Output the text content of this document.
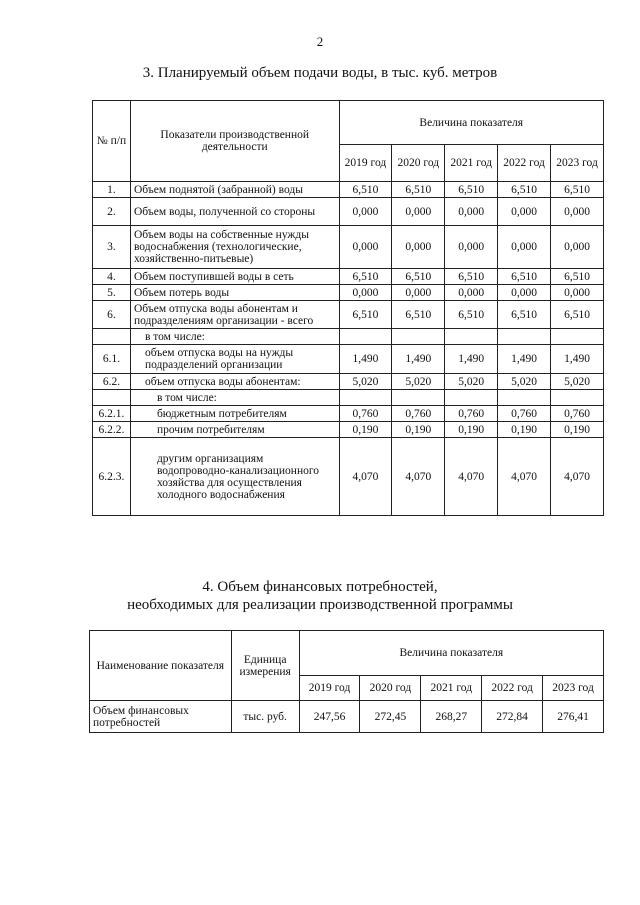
2
3. Планируемый объем подачи воды, в тыс. куб. метров
№ п/п	Показатели производственной деятельности	Величина показателя				
		2019 год	2020 год	2021 год	2022 год	2023 год
1.	Объем поднятой (забранной) воды	6,510	6,510	6,510	6,510	6,510
2.	Объем воды, полученной со стороны	0,000	0,000	0,000	0,000	0,000
3.	Объем воды на собственные нужды водоснабжения (технологические, хозяйственно-питьевые)	0,000	0,000	0,000	0,000	0,000
4.	Объем поступившей воды в сеть	6,510	6,510	6,510	6,510	6,510
5.	Объем потерь воды	0,000	0,000	0,000	0,000	0,000
6.	Объем отпуска воды абонентам и подразделениям организации - всего	6,510	6,510	6,510	6,510	6,510
	в том числе:					
6.1.	объем отпуска воды на нужды подразделений организации	1,490	1,490	1,490	1,490	1,490
6.2.	объем отпуска воды абонентам:	5,020	5,020	5,020	5,020	5,020
	в том числе:					
6.2.1.	бюджетным потребителям	0,760	0,760	0,760	0,760	0,760
6.2.2.	прочим потребителям	0,190	0,190	0,190	0,190	0,190
6.2.3.	другим организациям водопроводно-канализационного хозяйства для осуществления холодного водоснабжения	4,070	4,070	4,070	4,070	4,070
4. Объем финансовых потребностей,
необходимых для реализации производственной программы
Наименование показателя	Единица измерения	Величина показателя				
		2019 год	2020 год	2021 год	2022 год	2023 год
Объем финансовых потребностей	тыс. руб.	247,56	272,45	268,27	272,84	276,41
